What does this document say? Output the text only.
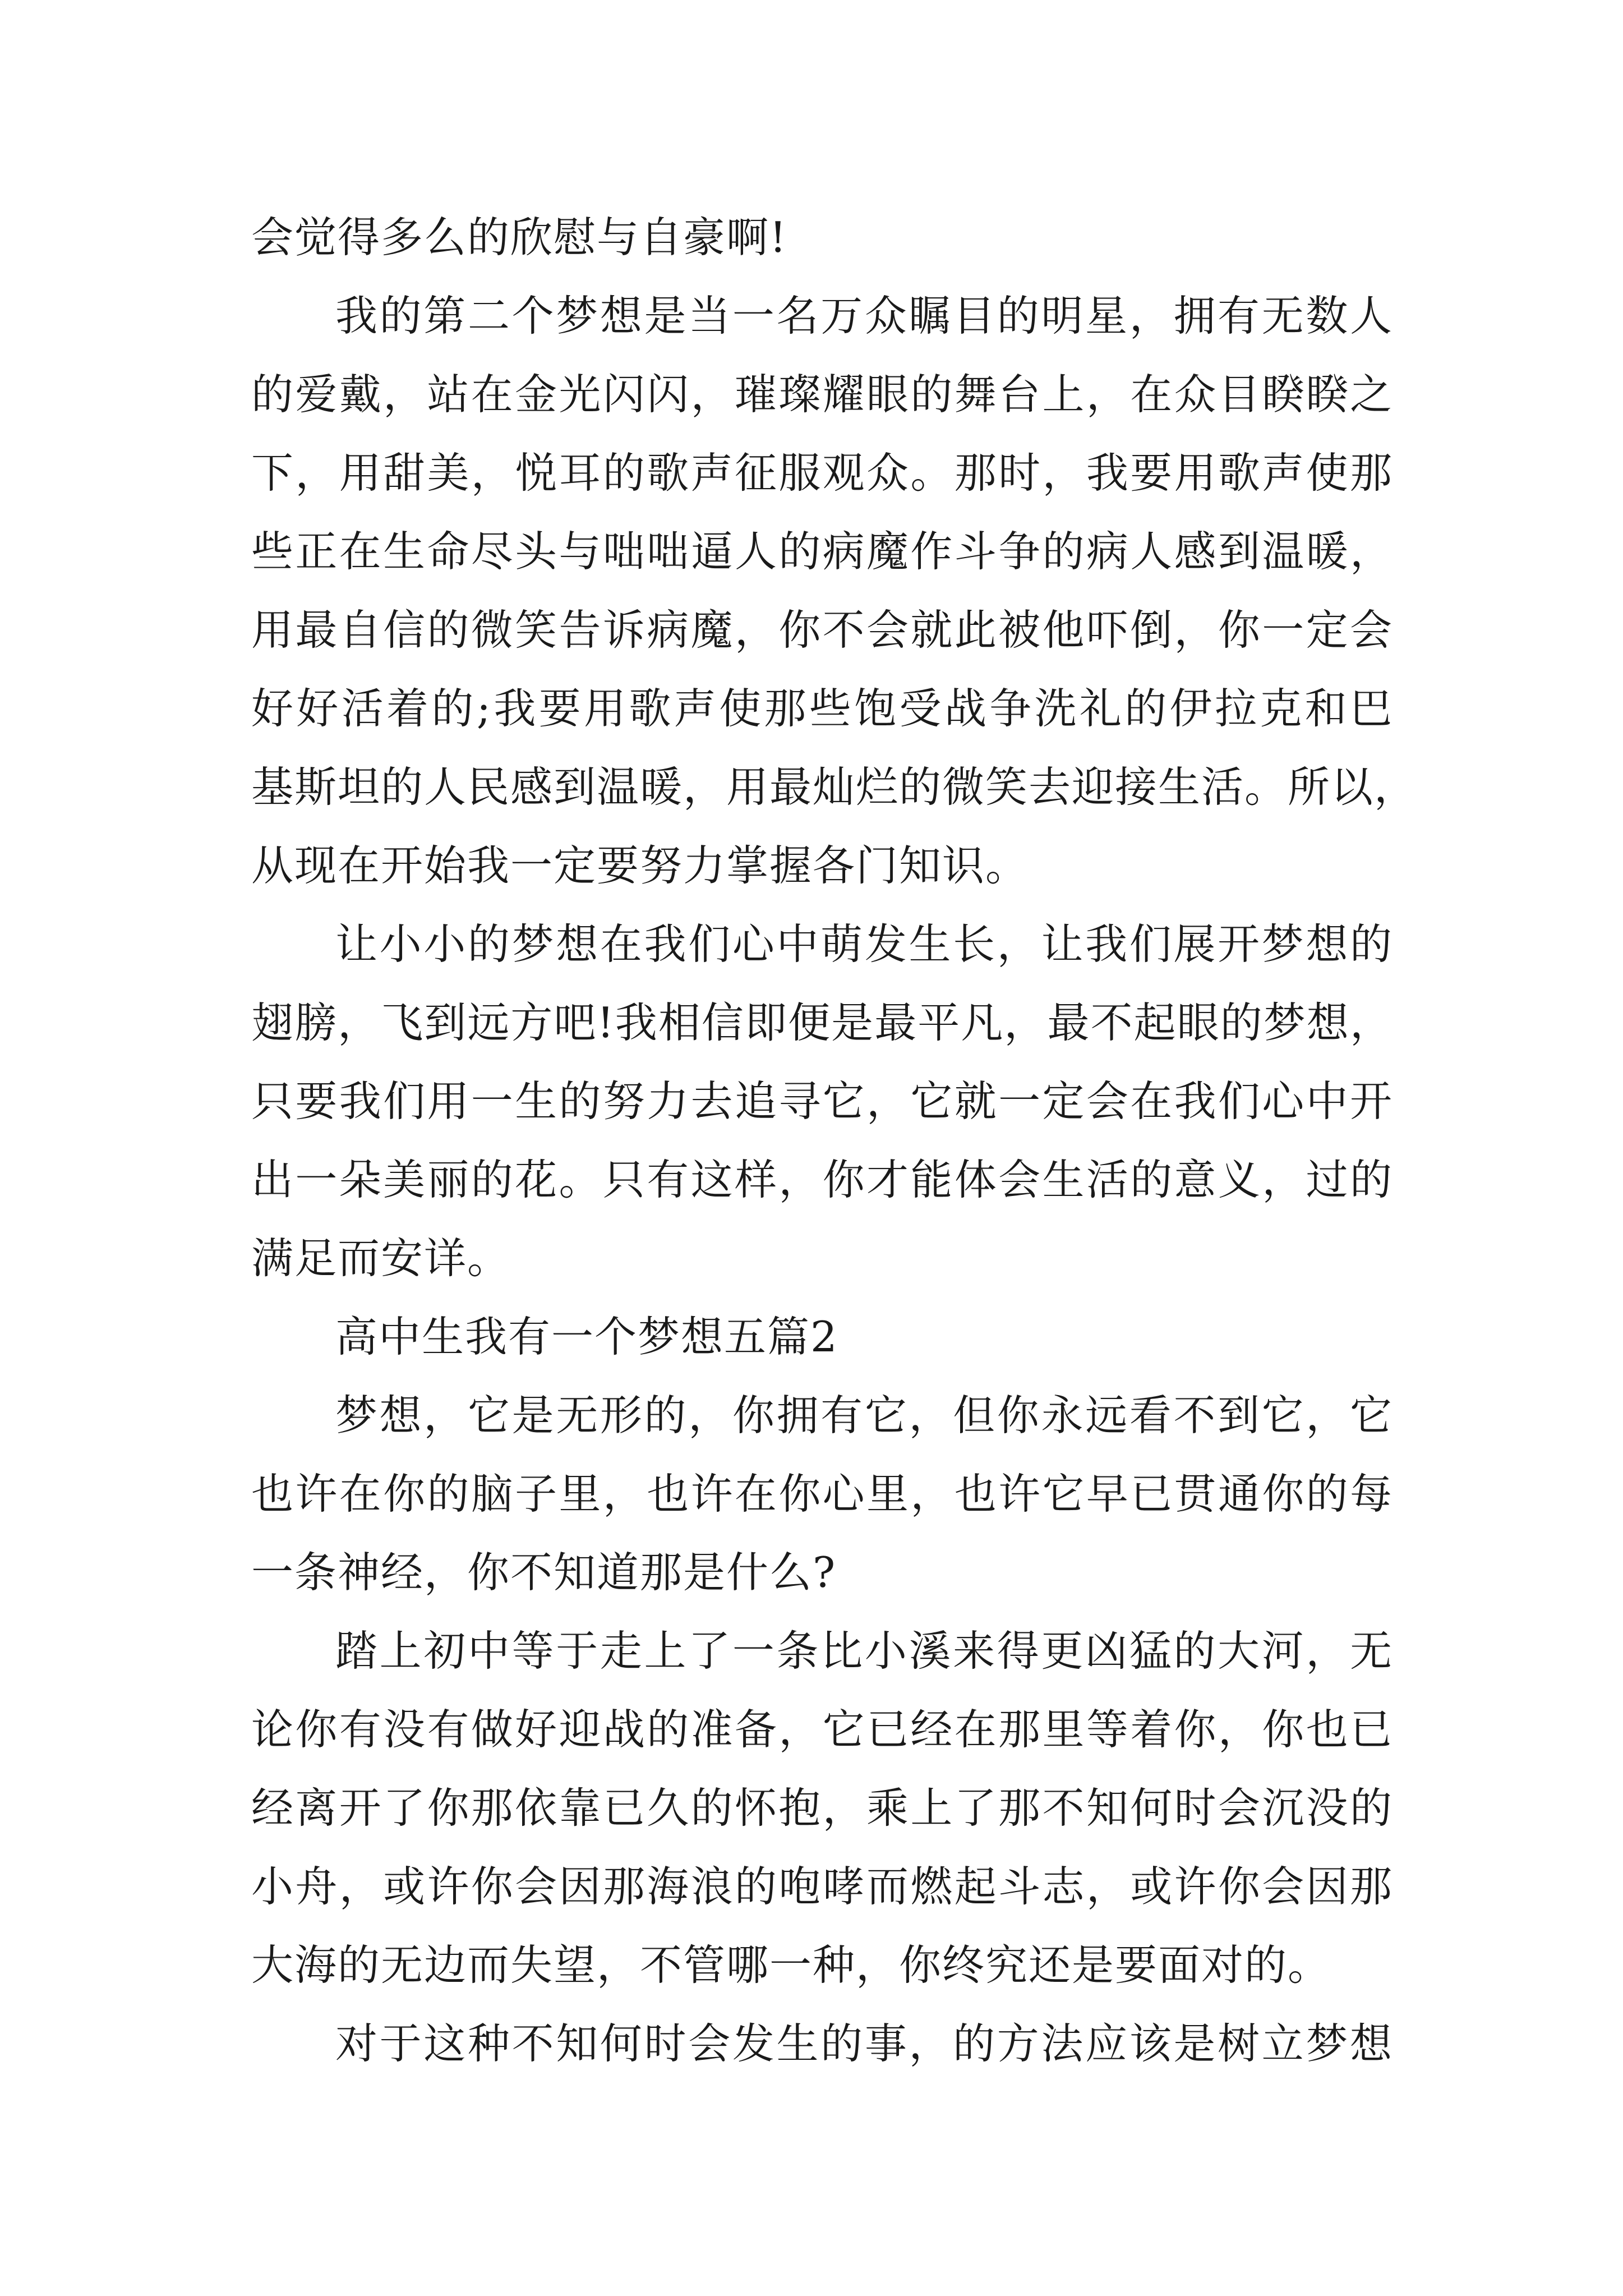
会觉得多么的欣慰与自豪啊!
我的第二个梦想是当一名万众瞩目的明星，拥有无数人
的爱戴，站在金光闪闪，璀璨耀眼的舞台上，在众目睽睽之
下，用甜美，悦耳的歌声征服观众。那时，我要用歌声使那
些正在生命尽头与咄咄逼人的病魔作斗争的病人感到温暖，
用最自信的微笑告诉病魔，你不会就此被他吓倒，你一定会
好好活着的;我要用歌声使那些饱受战争洗礼的伊拉克和巴
基斯坦的人民感到温暖，用最灿烂的微笑去迎接生活。所以，
从现在开始我一定要努力掌握各门知识。
让小小的梦想在我们心中萌发生长，让我们展开梦想的
翅膀，飞到远方吧!我相信即便是最平凡，最不起眼的梦想，
只要我们用一生的努力去追寻它，它就一定会在我们心中开
出一朵美丽的花。只有这样，你才能体会生活的意义，过的
满足而安详。
高中生我有一个梦想五篇2
梦想，它是无形的，你拥有它，但你永远看不到它，它
也许在你的脑子里，也许在你心里，也许它早已贯通你的每
一条神经，你不知道那是什么?
踏上初中等于走上了一条比小溪来得更凶猛的大河，无
论你有没有做好迎战的准备，它已经在那里等着你，你也已
经离开了你那依靠已久的怀抱，乘上了那不知何时会沉没的
小舟，或许你会因那海浪的咆哮而燃起斗志，或许你会因那
大海的无边而失望，不管哪一种，你终究还是要面对的。
对于这种不知何时会发生的事，的方法应该是树立梦想
